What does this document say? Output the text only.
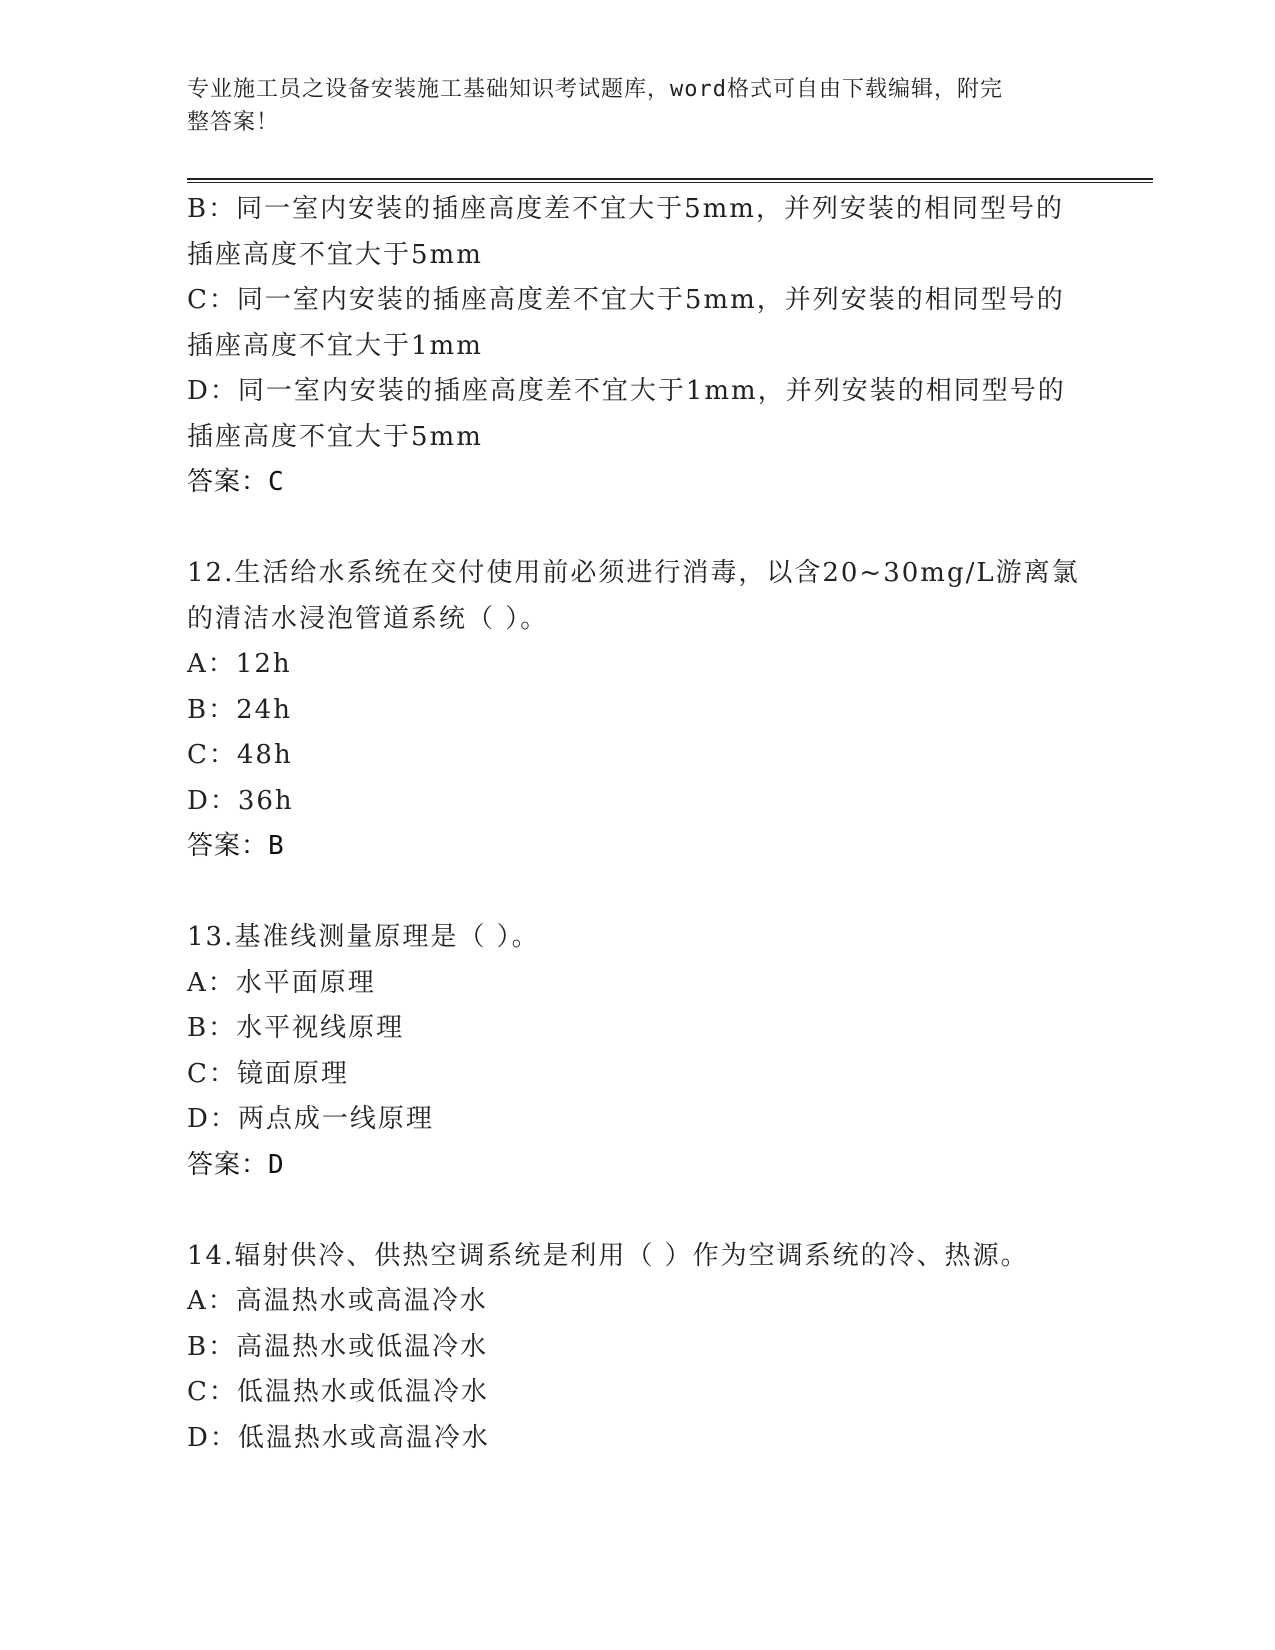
专业施工员之设备安装施工基础知识考试题库，word格式可自由下载编辑，附完
整答案！
B：同一室内安装的插座高度差不宜大于5mm，并列安装的相同型号的
插座高度不宜大于5mm
C：同一室内安装的插座高度差不宜大于5mm，并列安装的相同型号的
插座高度不宜大于1mm
D：同一室内安装的插座高度差不宜大于1mm，并列安装的相同型号的
插座高度不宜大于5mm
答案：C
12.生活给水系统在交付使用前必须进行消毒，以含20~30mg/L游离氯
的清洁水浸泡管道系统（ ）。
A：12h
B：24h
C：48h
D：36h
答案：B
13.基准线测量原理是（ ）。
A：水平面原理
B：水平视线原理
C：镜面原理
D：两点成一线原理
答案：D
14.辐射供冷、供热空调系统是利用（ ）作为空调系统的冷、热源。
A：高温热水或高温冷水
B：高温热水或低温冷水
C：低温热水或低温冷水
D：低温热水或高温冷水
